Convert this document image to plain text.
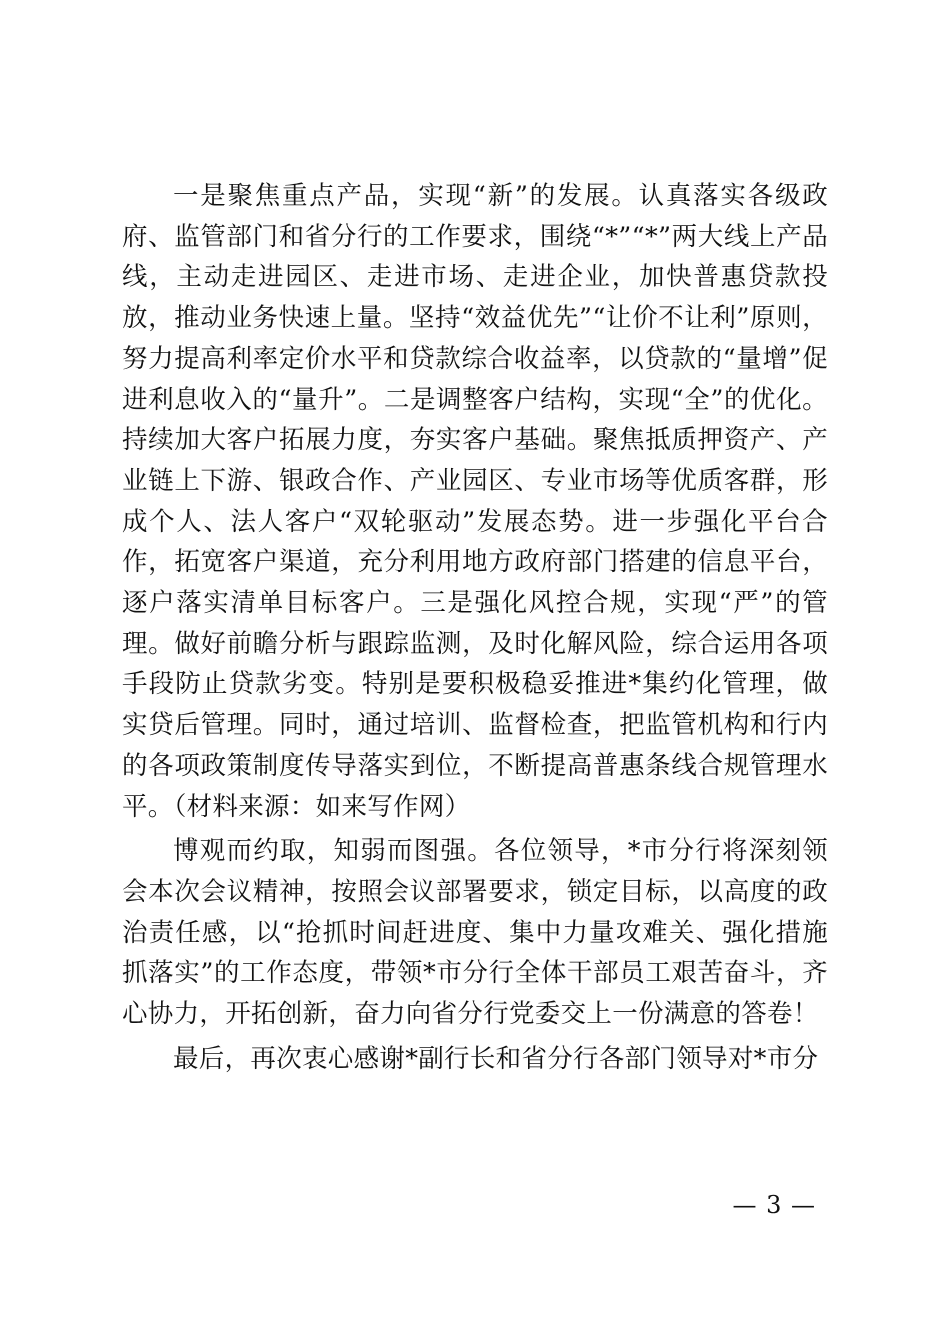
一是聚焦重点产品，实现“新”的发展。认真落实各级政府、监管部门和省分行的工作要求，围绕“*”“*”两大线上产品线，主动走进园区、走进市场、走进企业，加快普惠贷款投放，推动业务快速上量。坚持“效益优先”“让价不让利”原则，努力提高利率定价水平和贷款综合收益率，以贷款的“量增”促进利息收入的“量升”。二是调整客户结构，实现“全”的优化。持续加大客户拓展力度，夯实客户基础。聚焦抵质押资产、产业链上下游、银政合作、产业园区、专业市场等优质客群，形成个人、法人客户“双轮驱动”发展态势。进一步强化平台合作，拓宽客户渠道，充分利用地方政府部门搭建的信息平台，逐户落实清单目标客户。三是强化风控合规，实现“严”的管理。做好前瞻分析与跟踪监测，及时化解风险，综合运用各项手段防止贷款劣变。特别是要积极稳妥推进*集约化管理，做实贷后管理。同时，通过培训、监督检查，把监管机构和行内的各项政策制度传导落实到位，不断提高普惠条线合规管理水平。（材料来源：如来写作网）

博观而约取，知弱而图强。各位领导，*市分行将深刻领会本次会议精神，按照会议部署要求，锁定目标，以高度的政治责任感，以“抢抓时间赶进度、集中力量攻难关、强化措施抓落实”的工作态度，带领*市分行全体干部员工艰苦奋斗，齐心协力，开拓创新，奋力向省分行党委交上一份满意的答卷！

最后，再次衷心感谢*副行长和省分行各部门领导对*市分

— 3 —
